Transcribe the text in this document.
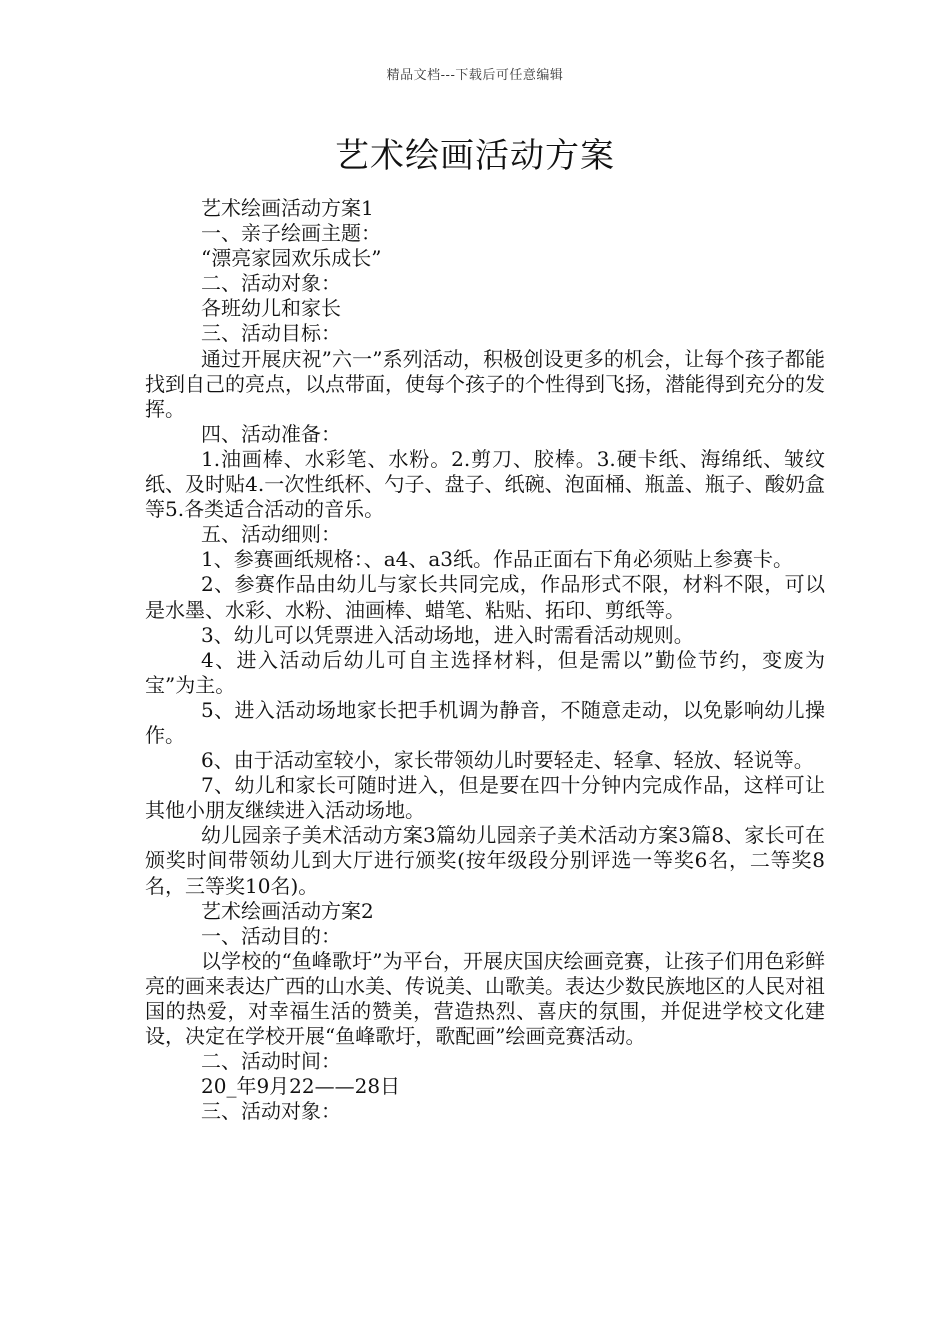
精品文档---下载后可任意编辑
艺术绘画活动方案

艺术绘画活动方案1

一、亲子绘画主题：

“漂亮家园欢乐成长”

二、活动对象：

各班幼儿和家长

三、活动目标：

通过开展庆祝”六一”系列活动，积极创设更多的机会，让每个孩子都能找到自己的亮点，以点带面，使每个孩子的个性得到飞扬，潜能得到充分的发挥。

四、活动准备：

1.油画棒、水彩笔、水粉。2.剪刀、胶棒。3.硬卡纸、海绵纸、皱纹纸、及时贴4.一次性纸杯、勺子、盘子、纸碗、泡面桶、瓶盖、瓶子、酸奶盒等5.各类适合活动的音乐。

五、活动细则：

1、参赛画纸规格：、a4、a3纸。作品正面右下角必须贴上参赛卡。

2、参赛作品由幼儿与家长共同完成，作品形式不限，材料不限，可以是水墨、水彩、水粉、油画棒、蜡笔、粘贴、拓印、剪纸等。

3、幼儿可以凭票进入活动场地，进入时需看活动规则。

4、进入活动后幼儿可自主选择材料，但是需以”勤俭节约，变废为宝”为主。

5、进入活动场地家长把手机调为静音，不随意走动，以免影响幼儿操作。

6、由于活动室较小，家长带领幼儿时要轻走、轻拿、轻放、轻说等。

7、幼儿和家长可随时进入，但是要在四十分钟内完成作品，这样可让其他小朋友继续进入活动场地。

幼儿园亲子美术活动方案3篇幼儿园亲子美术活动方案3篇8、家长可在颁奖时间带领幼儿到大厅进行颁奖(按年级段分别评选一等奖6名，二等奖8名，三等奖10名)。

艺术绘画活动方案2

一、活动目的：

以学校的“鱼峰歌圩”为平台，开展庆国庆绘画竞赛，让孩子们用色彩鲜亮的画来表达广西的山水美、传说美、山歌美。表达少数民族地区的人民对祖国的热爱，对幸福生活的赞美，营造热烈、喜庆的氛围，并促进学校文化建设，决定在学校开展“鱼峰歌圩，歌配画”绘画竞赛活动。

二、活动时间：

20_年9月22——28日

三、活动对象：
